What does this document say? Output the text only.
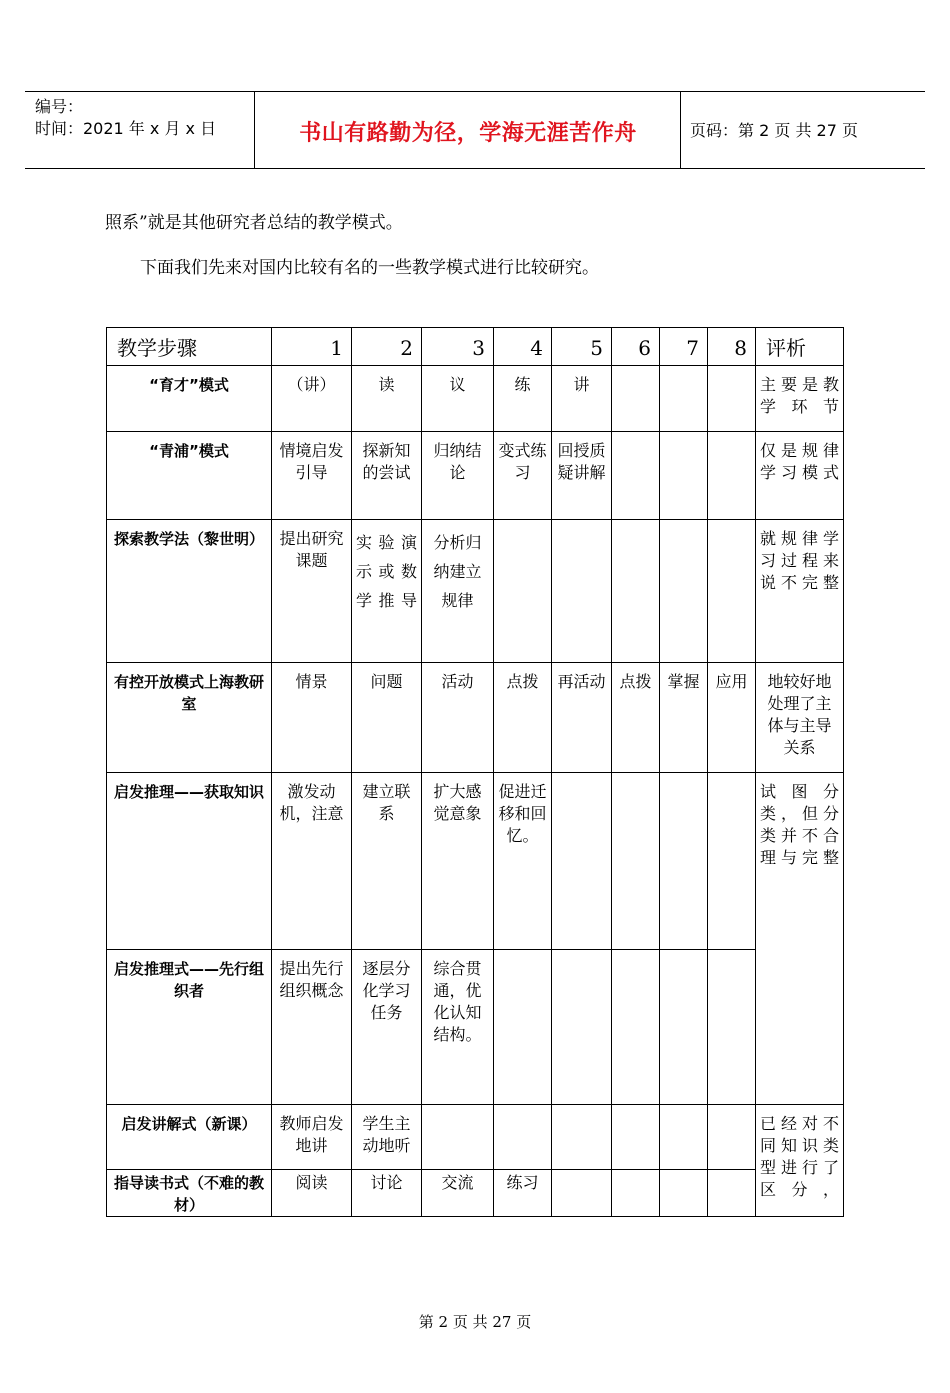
编号：
时间：2021 年 x 月 x 日	书山有路勤为径，学海无涯苦作舟	页码：第 2 页 共 27 页
照系”就是其他研究者总结的教学模式。
下面我们先来对国内比较有名的一些教学模式进行比较研究。
教学步骤	1	2	3	4	5	6	7	8	评析
“育才”模式	（讲）	读	议	练	讲				主要是教学环节
“青浦”模式	情境启发引导	探新知的尝试	归纳结论	变式练习	回授质疑讲解				仅是规律学习模式
探索教学法（黎世明）	提出研究课题	实验演示或数学推导	分析归纳建立规律						就规律学习过程来说不完整
有控开放模式上海教研室	情景	问题	活动	点拨	再活动	点拨	掌握	应用	地较好地处理了主体与主导关系
启发推理——获取知识	激发动机，注意	建立联系	扩大感觉意象	促进迁移和回忆。					试图分类，但分类并不合理与完整
启发推理式——先行组织者	提出先行组织概念	逐层分化学习任务	综合贯通，优化认知结构。						
启发讲解式（新课）	教师启发地讲	学生主动地听							已经对不同知识类型进行了区分，
指导读书式（不难的教材）	阅读	讨论	交流	练习					
第 2 页 共 27 页
